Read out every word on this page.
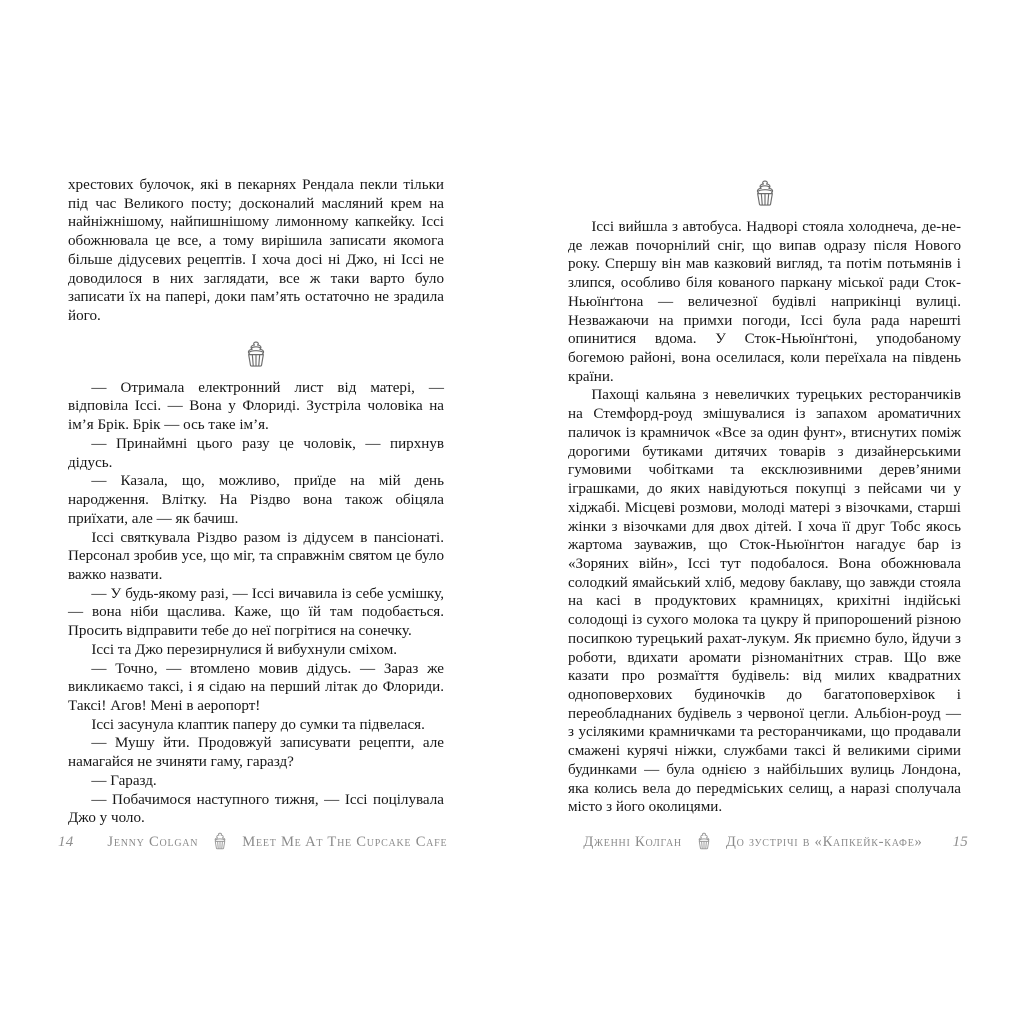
хрестових булочок, які в пекарнях Рендала пекли тільки під час Великого посту; досконалий масляний крем на найніжнішому, найпишнішому лимонному капкейку. Іссі обожнювала це все, а тому вирішила записати якомога більше дідусевих рецептів. І хоча досі ні Джо, ні Іссі не доводилося в них заглядати, все ж таки варто було записати їх на папері, доки пам’ять остаточно не зрадила його.

— Отримала електронний лист від матері, — відповіла Іссі. — Вона у Флориді. Зустріла чоловіка на ім’я Брік. Брік — ось таке ім’я.

— Принаймні цього разу це чоловік, — пирхнув дідусь.

— Казала, що, можливо, приїде на мій день народження. Влітку. На Різдво вона також обіцяла приїхати, але — як бачиш.

Іссі святкувала Різдво разом із дідусем в пансіонаті. Персонал зробив усе, що міг, та справжнім святом це було важко назвати.

— У будь-якому разі, — Іссі вичавила із себе усмішку, — вона ніби щаслива. Каже, що їй там подобається. Просить відправити тебе до неї погрітися на сонечку.

Іссі та Джо перезирнулися й вибухнули сміхом.

— Точно, — втомлено мовив дідусь. — Зараз же викликаємо таксі, і я сідаю на перший літак до Флориди. Таксі! Агов! Мені в аеропорт!

Іссі засунула клаптик паперу до сумки та підвелася.

— Мушу йти. Продовжуй записувати рецепти, але намагайся не зчиняти гаму, гаразд?

— Гаразд.

— Побачимося наступного тижня, — Іссі поцілувала Джо у чоло.

14 Jenny Colgan	Meet Me At The Cupcake Cafe

Іссі вийшла з автобуса. Надворі стояла холоднеча, де-не-де лежав почорнілий сніг, що випав одразу після Нового року. Спершу він мав казковий вигляд, та потім потьмянів і злипся, особливо біля кованого паркану міської ради Сток-Ньюїнґтона — величезної будівлі наприкінці вулиці. Незважаючи на примхи погоди, Іссі була рада нарешті опинитися вдома. У Сток-Ньюїнґтоні, уподобаному богемою районі, вона оселилася, коли переїхала на південь країни.

Пахощі кальяна з невеличких турецьких ресторанчиків на Стемфорд-роуд змішувалися із запахом ароматичних паличок із крамничок «Все за один фунт», втиснутих поміж дорогими бутиками дитячих товарів з дизайнерськими гумовими чобітками та ексклюзивними дерев’яними іграшками, до яких навідуються покупці з пейсами чи у хіджабі. Місцеві розмови, молоді матері з візочками, старші жінки з візочками для двох дітей. І хоча її друг Тобс якось жартома зауважив, що Сток-Ньюїнґтон нагадує бар із «Зоряних війн», Іссі тут подобалося. Вона обожнювала солодкий ямайський хліб, медову баклаву, що завжди стояла на касі в продуктових крамницях, крихітні індійські солодощі із сухого молока та цукру й припорошений різною посипкою турецький рахат-лукум. Як приємно було, йдучи з роботи, вдихати аромати різноманітних страв. Що вже казати про розмаїття будівель: від милих квадратних одноповерхових будиночків до багатоповерхівок і переобладнаних будівель з червоної цегли. Альбіон-роуд — з усілякими крамничками та ресторанчиками, що продавали смажені курячі ніжки, службами таксі й великими сірими будинками — була однією з найбільших вулиць Лондона, яка колись вела до передміських селищ, а наразі сполучала місто з його околицями.

Дженні Колган	До зустрічі в «Капкейк-кафе» 15
